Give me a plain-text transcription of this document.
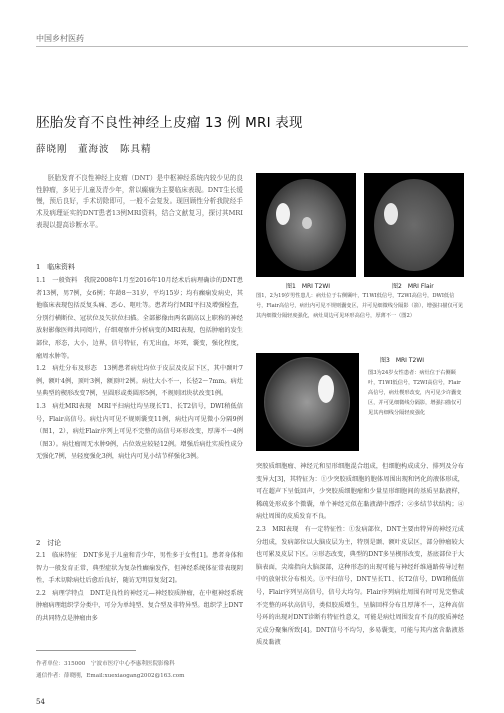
中国乡村医药
胚胎发育不良性神经上皮瘤 13 例 MRI 表现
薛晓刚　董海波　陈具精

胚胎发育不良性神经上皮瘤（DNT）是中枢神经系统内较少见的良性肿瘤，多见于儿童及青少年，常以癫痫为主要临床表现。DNT生长缓慢，预后良好，手术切除即可，一般不会复发。现回顾性分析我院经手术及病理证实的DNT患者13例MRI资料，结合文献复习，探讨其MRI表现以提高诊断水平。

1　临床资料

1.1　一般资料　我院2008年1月至2016年10月经术后病理确诊的DNT患者13例，男7例，女6例；年龄8～31岁，平均15岁；均有癫痫发病史，其他临床表现包括反复头痛、恶心、呕吐等。患者均行MRI平扫及增强检查，分别行横断位、冠状位及矢状位扫描。全部影像由两名副高以上职称的神经放射影像医师共同阅片，仔细观察并分析病变的MRI表现，包括肿瘤的发生部位，形态，大小，边界，信号特征，有无出血，坏死，囊变，强化程度，瘤周水肿等。

1.2　病灶分布及形态　13例患者病灶均位于皮层及皮层下区，其中颞叶7例，额叶4例，顶叶3例，额顶叶2例。病灶大小不一，长径2～7mm。病灶呈典型的楔形改变7例，呈圆形或类圆形5例，不规则团块状改变1例。

1.3　病灶MRI表现　MRI平扫病灶均呈现长T1、长T2信号，DWI稍低信号，Flair高信号。病灶内可见不规则囊变11例，病灶内可见微小分隔9例（图1，2），病灶Flair序列上可见不完整的高信号环形改变，厚薄不一4例（图3）。病灶瘤周无水肿9例，占位效应较轻12例。增强后病灶实质性成分无强化7例，呈轻度强化3例，病灶内可见小结节样强化3例。

2　讨论

2.1　临床特征　DNT多见于儿童和青少年，男性多于女性[1]。患者身体和智力一般发育正常，典型症状为复杂性癫痫发作，但神经系统体征常表现阴性，手术切除病灶后愈后良好，随访无明显复发[2]。

2.2　病理学特点　DNT是良性的神经元—神经胶质肿瘤，在中枢神经系统肿瘤病理组织学分类中，可分为单纯型、复合型及非特异型。组织学上DNT的共同特点是肿瘤由多

图1　MRI T2WI	图2　MRI Flair
图1，2为19岁男性患儿：病灶位于右侧颞叶，T1WI低信号，T2WI高信号，DWI低信号，Flair高信号，病灶内可见不规则囊变区，并可见细微线分隔影（箭），增强扫描仅可见其内细微分隔轻度强化，病灶周边可见环形高信号，厚薄不一（图2）
图3　MRI T2WI
图3为24岁女性患者：病灶位于右侧颞叶，T1WI低信号，T2WI高信号，Flair高信号，病灶楔形改变，内可见少许囊变区，并可见细微线分隔影，增强扫描仅可见其内细线分隔轻度强化

突胶质细胞瘤、神经元和星形细胞混合组成，但细胞构成成分、排列及分布变异大[3]，其特征为：①少突胶质细胞的胞体周围出现和钙化的液体形成，可在超声下呈低回声，少突胶质细胞瘤和少量星形细胞间的基质呈黏液样，稀疏处形成多个微囊，单个神经元似在黏液湖中漂浮；②多结节状结构；④病灶周围的皮质发育不良。

2.3　MRI表现　有一定特征性：①发病部位，DNT主要由特异的神经元成分组成，发病部位以大脑皮层为主，特别是颞、额叶皮层区，部分肿瘤较大也可累及皮层下区。②形态改变，典型的DNT多呈楔形改变，基底部位于大脑表面，尖端指向大脑深部，这种形态的出现可能与神经纤维通路传导过程中的放射状分布相关。③平扫信号，DNT呈长T1、长T2信号，DWI稍低信号，Flair序列呈高信号，信号大均匀。Flair序列病灶周围有时可见完整或不完整的环状高信号，类似胶质增生，呈脑回样分布且厚薄不一，这种高信号环的出现对DNT诊断有特征性意义，可能是病灶周围发育不良的胶质神经元成分聚集所致[4]。DNT信号不均匀，多易囊变，可能与其内富含黏液基质及黏液

作者单位：315000　宁波市医疗中心李惠利医院影像科
通信作者：薛晓刚，Email:xuexiaogang2002@163.com
54
